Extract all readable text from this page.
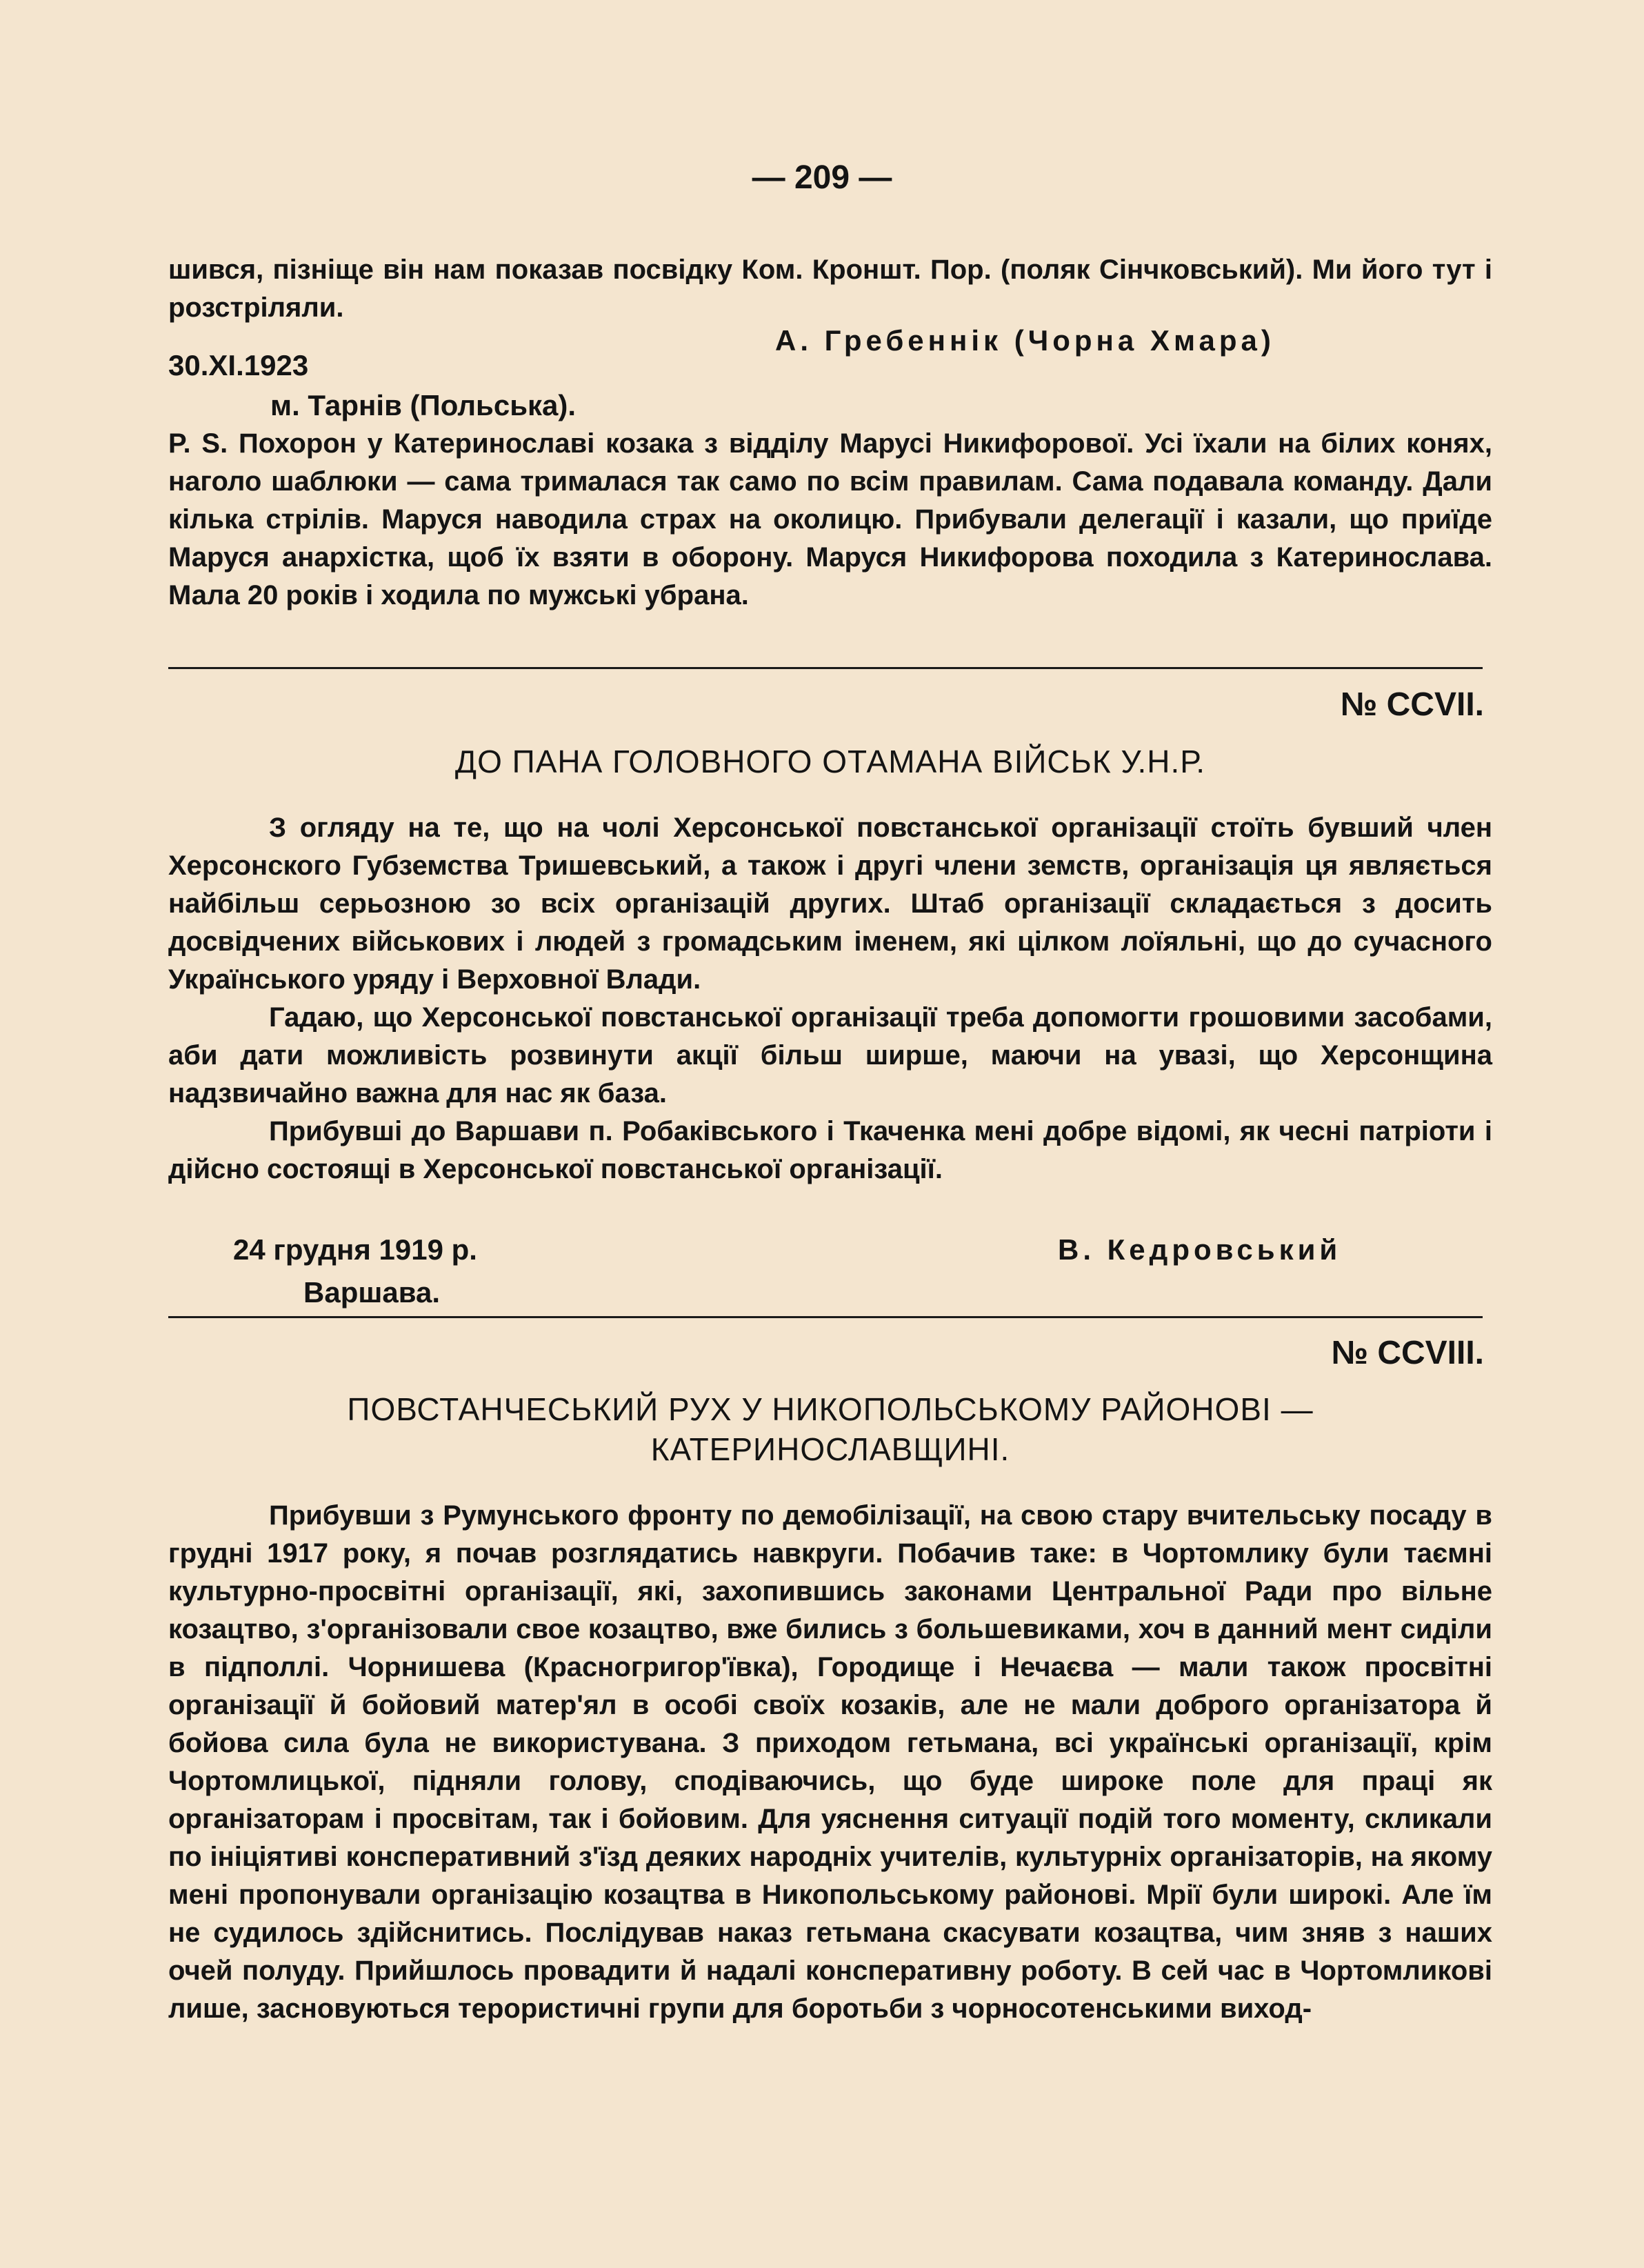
— 209 —

шився, пізніще він нам показав посвідку Ком. Кроншт. Пор. (поляк Сінчковський). Ми його тут і розстріляли.

А. Гребеннік (Чорна Хмара)
30.XI.1923
м. Тарнів (Польська).

P. S. Похорон у Катеринославі козака з відділу Марусі Никифорової. Усі їхали на білих конях, наголо шаблюки — сама трималася так само по всім правилам. Сама подавала команду. Дали кілька стрілів. Маруся наводила страх на околицю. Прибували делегації і казали, що приїде Маруся анархістка, щоб їх взяти в оборону. Маруся Никифорова походила з Катеринослава. Мала 20 років і ходила по мужські убрана.

№ CCVII.
ДО ПАНА ГОЛОВНОГО ОТАМАНА ВІЙСЬК У.Н.Р.

З огляду на те, що на чолі Херсонської повстанської організації стоїть бувший член Херсонского Губземства Тришевський, а також і другі члени земств, організація ця являється найбільш серьозною зо всіх організацій других. Штаб організації складається з досить досвідчених військових і людей з громадським іменем, які цілком лоїяльні, що до сучасного Українського уряду і Верховної Влади.

Гадаю, що Херсонської повстанської організації треба допомогти грошовими засобами, аби дати можливість розвинути акції більш ширше, маючи на увазі, що Херсонщина надзвичайно важна для нас як база.

Прибувші до Варшави п. Робаківського і Ткаченка мені добре відомі, як чесні патріоти і дійсно состоящі в Херсонської повстанської організації.

24 грудня 1919 р.	В. Кедровський
Варшава.
№ CCVIII.
ПОВСТАНЧЕСЬКИЙ РУХ У НИКОПОЛЬСЬКОМУ РАЙОНОВІ —
КАТЕРИНОСЛАВЩИНІ.

Прибувши з Румунського фронту по демобілізації, на свою стару вчительську посаду в грудні 1917 року, я почав розглядатись навкруги. Побачив таке: в Чортомлику були таємні культурно-просвітні організації, які, захопившись законами Центральної Ради про вільне козацтво, з'організовали свое козацтво, вже бились з большевиками, хоч в данний мент сиділи в підполлі. Чорнишева (Красногригор'ївка), Городище і Нечаєва — мали також просвітні організації й бойовий матер'ял в особі своїх козаків, але не мали доброго організатора й бойова сила була не використувана. З приходом гетьмана, всі українські організації, крім Чортомлицької, підняли голову, сподіваючись, що буде широке поле для праці як організаторам і просвітам, так і бойовим. Для уяснення ситуації подій того моменту, скликали по ініціятиві консперативний з'їзд деяких народніх учителів, культурніх організаторів, на якому мені пропонували організацію козацтва в Никопольському районові. Мрії були широкі. Але їм не судилось здійснитись. Послідував наказ гетьмана скасувати козацтва, чим зняв з наших очей полуду. Прийшлось провадити й надалі консперативну роботу. В сей час в Чортомликові лише, засновуються терористичні групи для боротьби з чорносотенськими виход-
